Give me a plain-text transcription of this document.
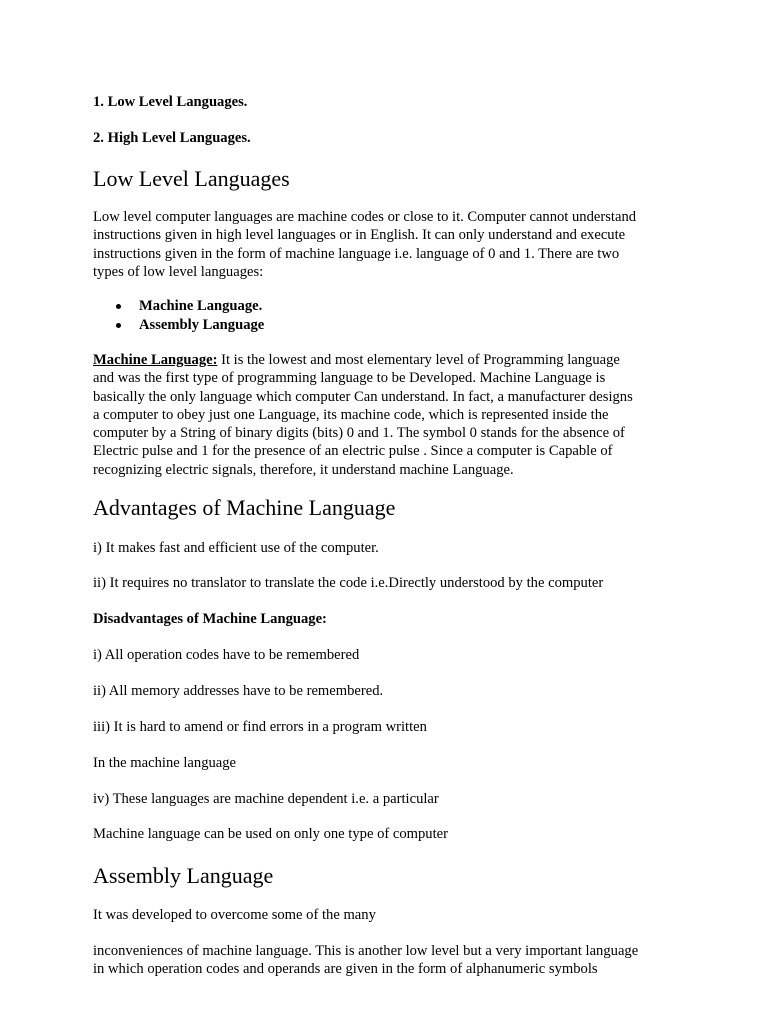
1. Low Level Languages.

2. High Level Languages.

Low Level Languages
Low level computer languages are machine codes or close to it. Computer cannot understand
instructions given in high level languages or in English. It can only understand and execute
instructions given in the form of machine language i.e. language of 0 and 1. There are two
types of low level languages:
Machine Language.
Assembly Language
Machine Language: It is the lowest and most elementary level of Programming language
and was the first type of programming language to be Developed. Machine Language is
basically the only language which computer Can understand. In fact, a manufacturer designs
a computer to obey just one Language, its machine code, which is represented inside the
computer by a String of binary digits (bits) 0 and 1. The symbol 0 stands for the absence of
Electric pulse and 1 for the presence of an electric pulse . Since a computer is Capable of
recognizing electric signals, therefore, it understand machine Language.
Advantages of Machine Language

i) It makes fast and efficient use of the computer.

ii) It requires no translator to translate the code i.e.Directly understood by the computer

Disadvantages of Machine Language:

i) All operation codes have to be remembered

ii) All memory addresses have to be remembered.

iii) It is hard to amend or find errors in a program written

In the machine language

iv) These languages are machine dependent i.e. a particular

Machine language can be used on only one type of computer

Assembly Language

It was developed to overcome some of the many

inconveniences of machine language. This is another low level but a very important language
in which operation codes and operands are given in the form of alphanumeric symbols
